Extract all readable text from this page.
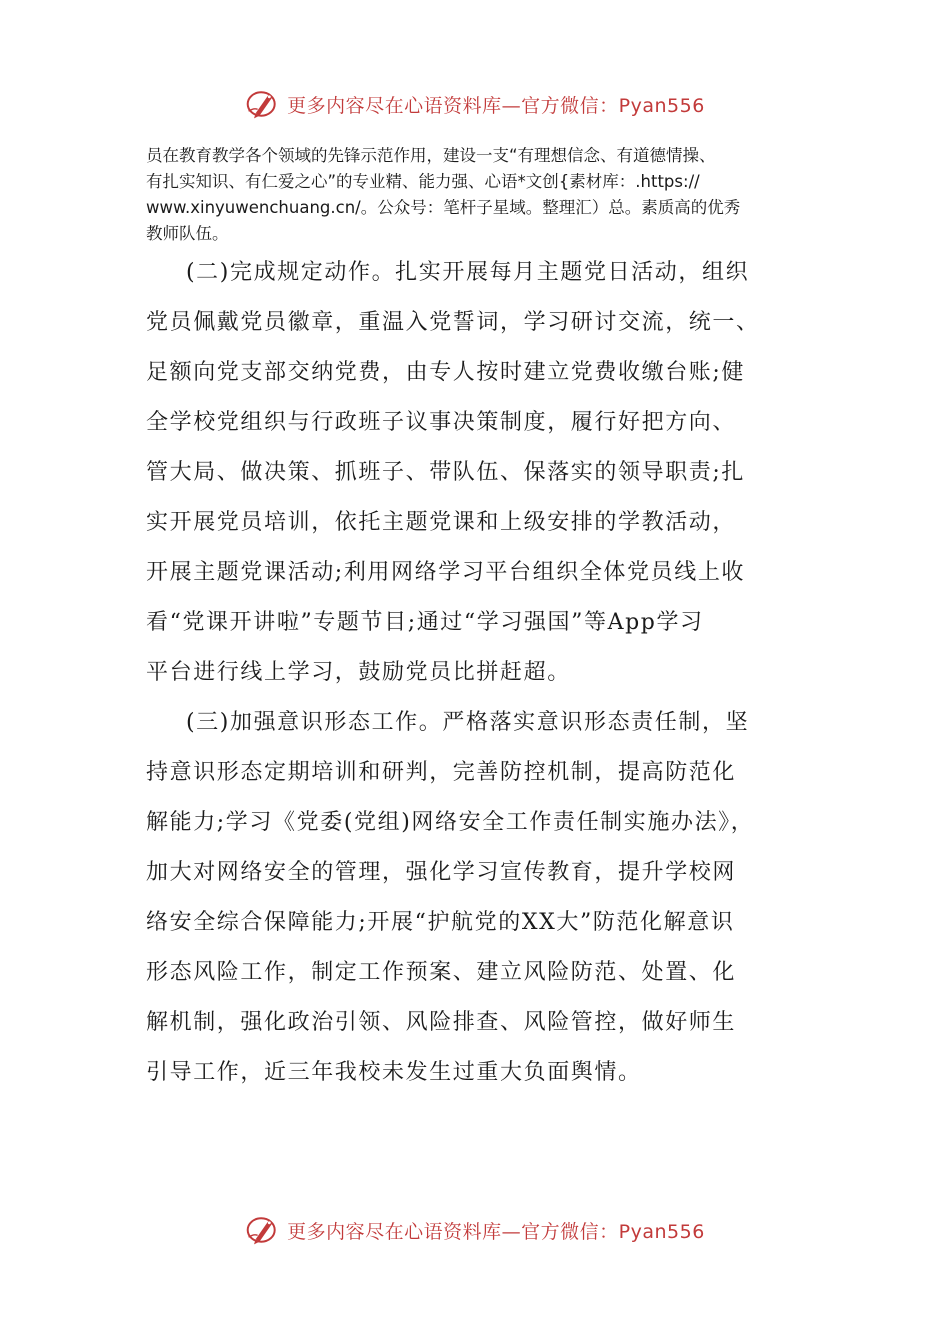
更多内容尽在心语资料库—官方微信：Pyan556
员在教育教学各个领域的先锋示范作用，建设一支“有理想信念、有道德情操、
有扎实知识、有仁爱之心”的专业精、能力强、心语*文创{素材库：.https://
www.xinyuwenchuang.cn/。公众号：笔杆子星域。整理汇）总。素质高的优秀
教师队伍。
(二)完成规定动作。扎实开展每月主题党日活动，组织
党员佩戴党员徽章，重温入党誓词，学习研讨交流，统一、
足额向党支部交纳党费，由专人按时建立党费收缴台账;健
全学校党组织与行政班子议事决策制度，履行好把方向、
管大局、做决策、抓班子、带队伍、保落实的领导职责;扎
实开展党员培训，依托主题党课和上级安排的学教活动，
开展主题党课活动;利用网络学习平台组织全体党员线上收
看“党课开讲啦”专题节目;通过“学习强国”等App学习
平台进行线上学习，鼓励党员比拼赶超。
(三)加强意识形态工作。严格落实意识形态责任制，坚
持意识形态定期培训和研判，完善防控机制，提高防范化
解能力;学习《党委(党组)网络安全工作责任制实施办法》，
加大对网络安全的管理，强化学习宣传教育，提升学校网
络安全综合保障能力;开展“护航党的XX大”防范化解意识
形态风险工作，制定工作预案、建立风险防范、处置、化
解机制，强化政治引领、风险排查、风险管控，做好师生
引导工作，近三年我校未发生过重大负面舆情。
更多内容尽在心语资料库—官方微信：Pyan556
